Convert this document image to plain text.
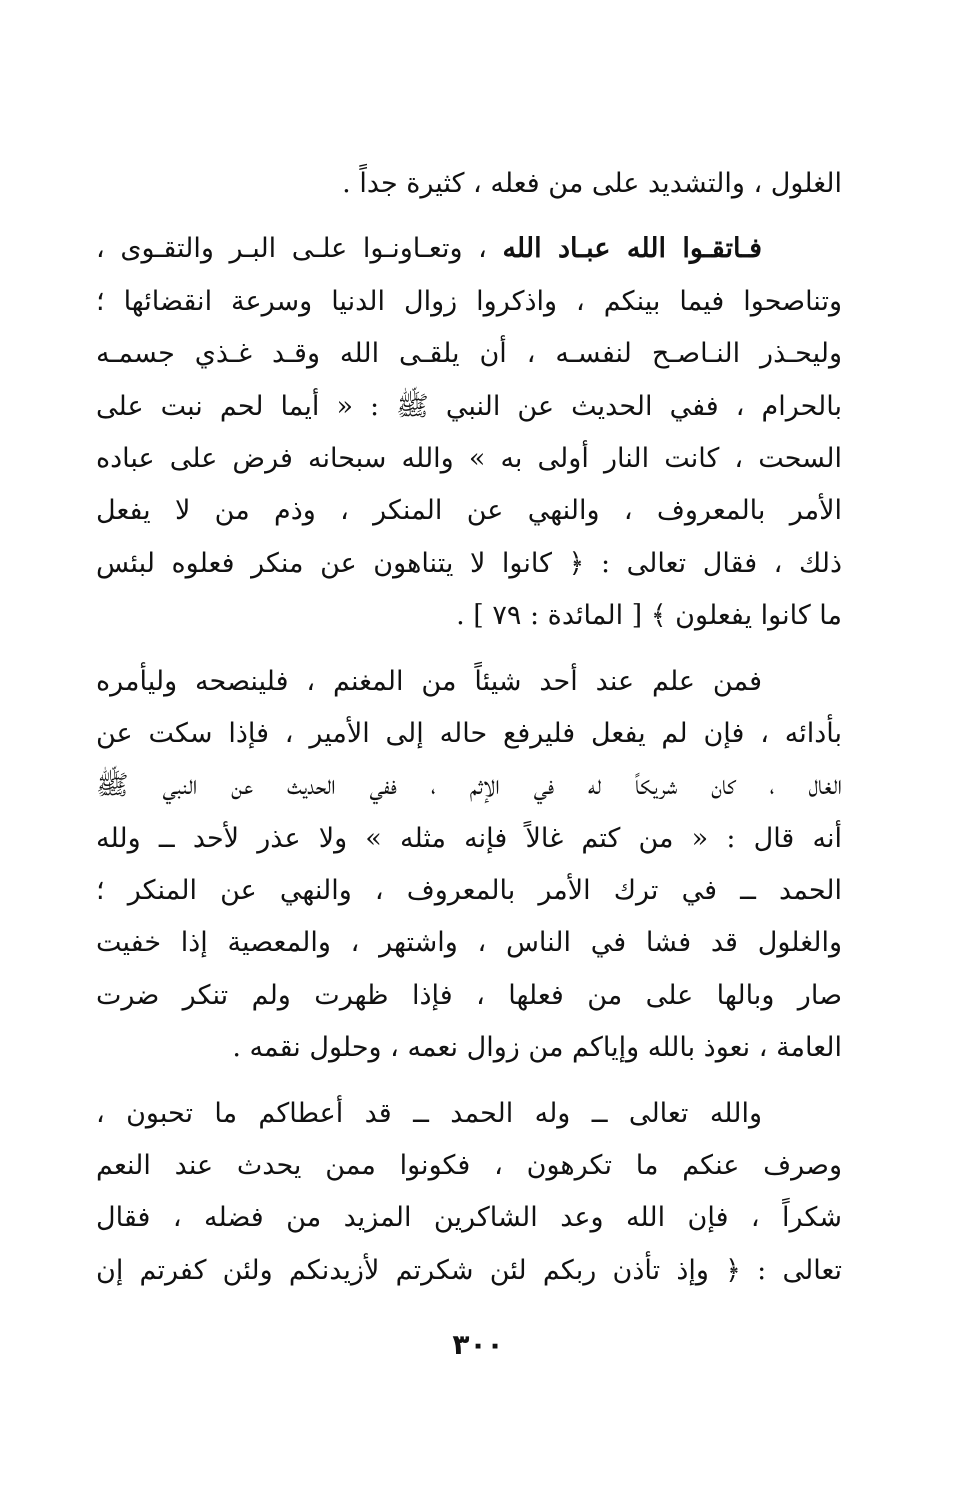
الغلول ، والتشديد على من فعله ، كثيرة جداً .
فـاتقـوا الله عبـاد الله ، وتعـاونـوا علـى البـر والتقـوى ،
وتناصحوا فيما بينكم ، واذكروا زوال الدنيا وسرعة انقضائها ؛
وليحـذر النـاصـح لنفسـه ، أن يلقـى الله وقـد غـذي جسمـه
بالحرام ، ففي الحديث عن النبي ﷺ : « أيما لحم نبت على
السحت ، كانت النار أولى به » والله سبحانه فرض على عباده
الأمر بالمعروف ، والنهي عن المنكر ، وذم من لا يفعل
ذلك ، فقال تعالى : ﴿ كانوا لا يتناهون عن منكر فعلوه لبئس
ما كانوا يفعلون ﴾ [ المائدة : ٧٩ ] .
فمن علم عند أحد شيئاً من المغنم ، فلينصحه وليأمره
بأدائه ، فإن لم يفعل فليرفع حاله إلى الأمير ، فإذا سكت عن
الغال ، كان شريكاً له في الإثم ، ففي الحديث عن النبي ﷺ
أنه قال : « من كتم غالاً فإنه مثله » ولا عذر لأحد ــ ولله
الحمد ــ في ترك الأمر بالمعروف ، والنهي عن المنكر ؛
والغلول قد فشا في الناس ، واشتهر ، والمعصية إذا خفيت
صار وبالها على من فعلها ، فإذا ظهرت ولم تنكر ضرت
العامة ، نعوذ بالله وإياكم من زوال نعمه ، وحلول نقمه .
والله تعالى ــ وله الحمد ــ قد أعطاكم ما تحبون ،
وصرف عنكم ما تكرهون ، فكونوا ممن يحدث عند النعم
شكراً ، فإن الله وعد الشاكرين المزيد من فضله ، فقال
تعالى : ﴿ وإذ تأذن ربكم لئن شكرتم لأزيدنكم ولئن كفرتم إن
٣٠٠
